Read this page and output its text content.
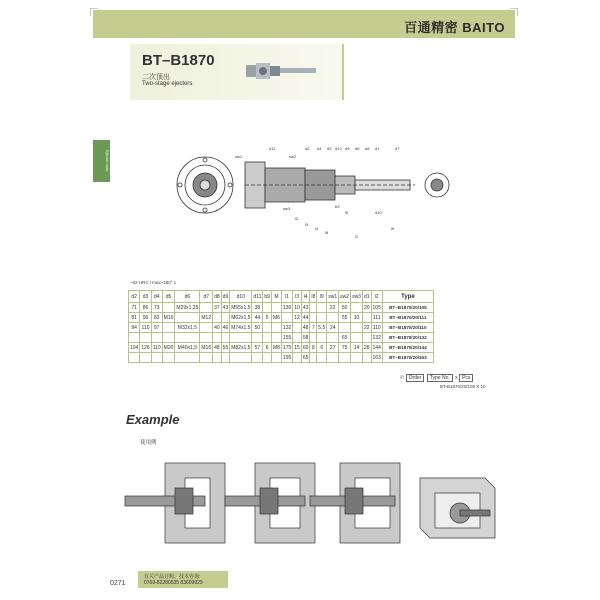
百通精密 BAITO
BT–B1870
二次顶出
Two-stage ejectors
Ejector rods	sw1
d11
sw2
d2 d4 d3 d12 d9 d5 d8 d1	d7
sw3
l2
l3
l4
l8
l1
b9
l5	d10
l9
~62 HRC l max+180° c
d2	d3	d4	d5	d6	d7	d8	d9	d10	d11	b9	M	l1	l3	l4	l8	l9	sw1	sw2	sw3	d1	l2	Type
71	86	73		M29x1,25		37	43	M55x1,5	38			130	10	43			22	50		20	105	BT–B1870/20/105
81	96	83	M16		M12			M62x1,5	44	5	M6		12	44				55	10		111	BT–B1870/20/111
94	110	97		M32x1,5		40	46	M74x1,5	50			132		48	7	5,5	24			22	110	BT–B1870/20/110
												155		58				65			132	BT–B1870/20/132
104	126	110	M20	M40x1,5	M16	48	55	M82x1,5	57	6	M8	175	15	60	8	6	27	75	14	28	144	BT–B1870/20/144
												195		65							163	BT–B1870/20/163
✆ Order Type No. x Pcs
BT-B1870/20/105 X 10
Example
使用例
0271
有关产品订购、技术咨询:
0769-82280535 83609929
